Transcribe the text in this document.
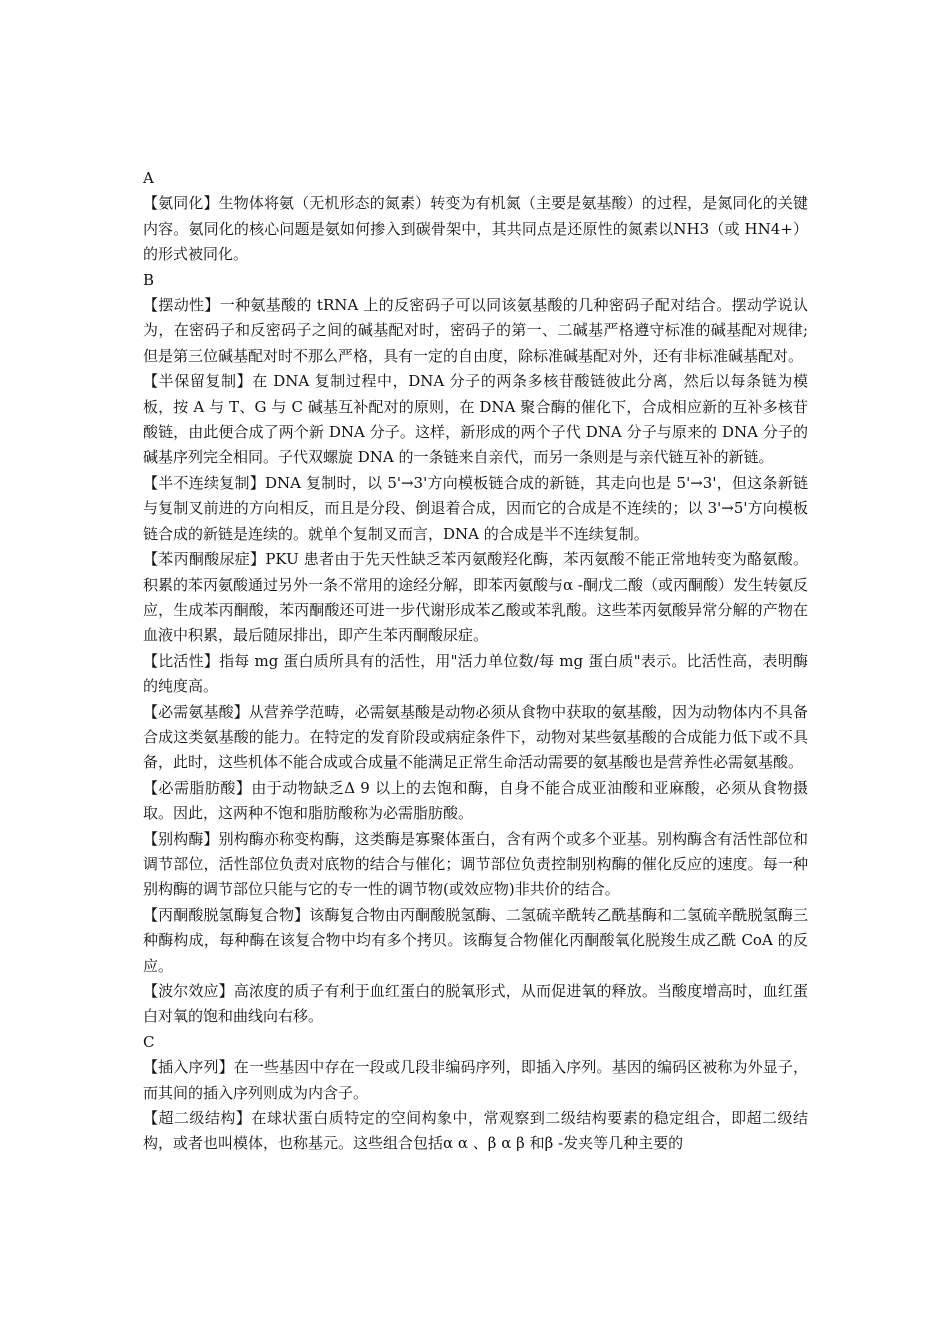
A

【氨同化】生物体将氨（无机形态的氮素）转变为有机氮（主要是氨基酸）的过程，是氮同化的关键内容。氨同化的核心问题是氨如何掺入到碳骨架中，其共同点是还原性的氮素以NH3（或 HN4+）的形式被同化。

B

【摆动性】一种氨基酸的 tRNA 上的反密码子可以同该氨基酸的几种密码子配对结合。摆动学说认为，在密码子和反密码子之间的碱基配对时，密码子的第一、二碱基严格遵守标准的碱基配对规律;但是第三位碱基配对时不那么严格，具有一定的自由度，除标准碱基配对外，还有非标准碱基配对。

【半保留复制】在 DNA 复制过程中，DNA 分子的两条多核苷酸链彼此分离，然后以每条链为模板，按 A 与 T、G 与 C 碱基互补配对的原则，在 DNA 聚合酶的催化下，合成相应新的互补多核苷酸链，由此便合成了两个新 DNA 分子。这样，新形成的两个子代 DNA 分子与原来的 DNA 分子的碱基序列完全相同。子代双螺旋 DNA 的一条链来自亲代，而另一条则是与亲代链互补的新链。

【半不连续复制】DNA 复制时，以 5'→3'方向模板链合成的新链，其走向也是 5'→3'，但这条新链与复制叉前进的方向相反，而且是分段、倒退着合成，因而它的合成是不连续的；以 3'→5'方向模板链合成的新链是连续的。就单个复制叉而言，DNA 的合成是半不连续复制。

【苯丙酮酸尿症】PKU 患者由于先天性缺乏苯丙氨酸羟化酶，苯丙氨酸不能正常地转变为酪氨酸。积累的苯丙氨酸通过另外一条不常用的途经分解，即苯丙氨酸与α -酮戊二酸（或丙酮酸）发生转氨反应，生成苯丙酮酸，苯丙酮酸还可进一步代谢形成苯乙酸或苯乳酸。这些苯丙氨酸异常分解的产物在血液中积累，最后随尿排出，即产生苯丙酮酸尿症。

【比活性】指每 mg 蛋白质所具有的活性，用"活力单位数/每 mg 蛋白质"表示。比活性高，表明酶的纯度高。

【必需氨基酸】从营养学范畴，必需氨基酸是动物必须从食物中获取的氨基酸，因为动物体内不具备合成这类氨基酸的能力。在特定的发育阶段或病症条件下，动物对某些氨基酸的合成能力低下或不具备，此时，这些机体不能合成或合成量不能满足正常生命活动需要的氨基酸也是营养性必需氨基酸。

【必需脂肪酸】由于动物缺乏Δ 9 以上的去饱和酶，自身不能合成亚油酸和亚麻酸，必须从食物摄取。因此，这两种不饱和脂肪酸称为必需脂肪酸。

【别构酶】别构酶亦称变构酶，这类酶是寡聚体蛋白，含有两个或多个亚基。别构酶含有活性部位和调节部位，活性部位负责对底物的结合与催化；调节部位负责控制别构酶的催化反应的速度。每一种别构酶的调节部位只能与它的专一性的调节物(或效应物)非共价的结合。

【丙酮酸脱氢酶复合物】该酶复合物由丙酮酸脱氢酶、二氢硫辛酰转乙酰基酶和二氢硫辛酰脱氢酶三种酶构成，每种酶在该复合物中均有多个拷贝。该酶复合物催化丙酮酸氧化脱羧生成乙酰 CoA 的反应。

【波尔效应】高浓度的质子有利于血红蛋白的脱氧形式，从而促进氧的释放。当酸度增高时，血红蛋白对氧的饱和曲线向右移。

C

【插入序列】在一些基因中存在一段或几段非编码序列，即插入序列。基因的编码区被称为外显子，而其间的插入序列则成为内含子。

【超二级结构】在球状蛋白质特定的空间构象中，常观察到二级结构要素的稳定组合，即超二级结构，或者也叫模体，也称基元。这些组合包括α α 、β α β 和β -发夹等几种主要的
